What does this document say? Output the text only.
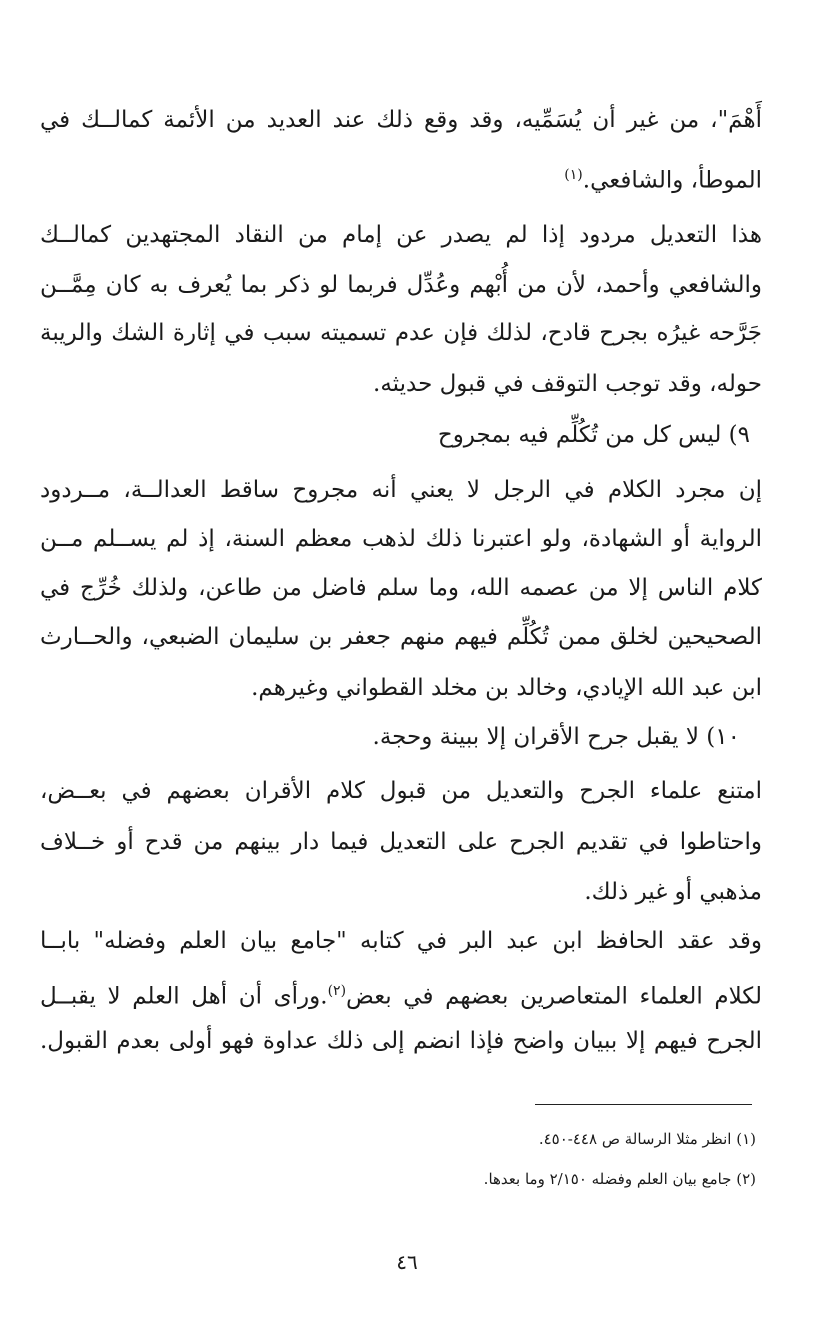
أَهْمَ"، من غير أن يُسَمِّيه، وقد وقع ذلك عند العديد من الأئمة كمالــك في
الموطأ، والشافعي.$^{(١)}$
هذا التعديل مردود إذا لم يصدر عن إمام من النقاد المجتهدين كمالــك
والشافعي وأحمد، لأن من أُبْهم وعُدِّل فربما لو ذكر بما يُعرف به كان مِمَّــن
جَرَّحه غيرُه بجرح قادح، لذلك فإن عدم تسميته سبب في إثارة الشك والريبة
حوله، وقد توجب التوقف في قبول حديثه.
٩) ليس كل من تُكُلِّم فيه بمجروح
إن مجرد الكلام في الرجل لا يعني أنه مجروح ساقط العدالــة، مــردود
الرواية أو الشهادة، ولو اعتبرنا ذلك لذهب معظم السنة، إذ لم يســلم مــن
كلام الناس إلا من عصمه الله، وما سلم فاضل من طاعن، ولذلك خُرِّج في
الصحيحين لخلق ممن تُكُلِّم فيهم منهم جعفر بن سليمان الضبعي، والحــارث
ابن عبد الله الإيادي، وخالد بن مخلد القطواني وغيرهم.
١٠) لا يقبل جرح الأقران إلا ببينة وحجة.
امتنع علماء الجرح والتعديل من قبول كلام الأقران بعضهم في بعــض،
واحتاطوا في تقديم الجرح على التعديل فيما دار بينهم من قدح أو خــلاف
مذهبي أو غير ذلك.
وقد عقد الحافظ ابن عبد البر في كتابه "جامع بيان العلم وفضله" بابــا
لكلام العلماء المتعاصرين بعضهم في بعض$^{(٢)}$.ورأى أن أهل العلم لا يقبــل
الجرح فيهم إلا ببيان واضح فإذا انضم إلى ذلك عداوة فهو أولى بعدم القبول.
(١) انظر مثلا الرسالة ص ٤٤٨-٤٥٠.
(٢) جامع بيان العلم وفضله ٢/١٥٠ وما بعدها.
٤٦
